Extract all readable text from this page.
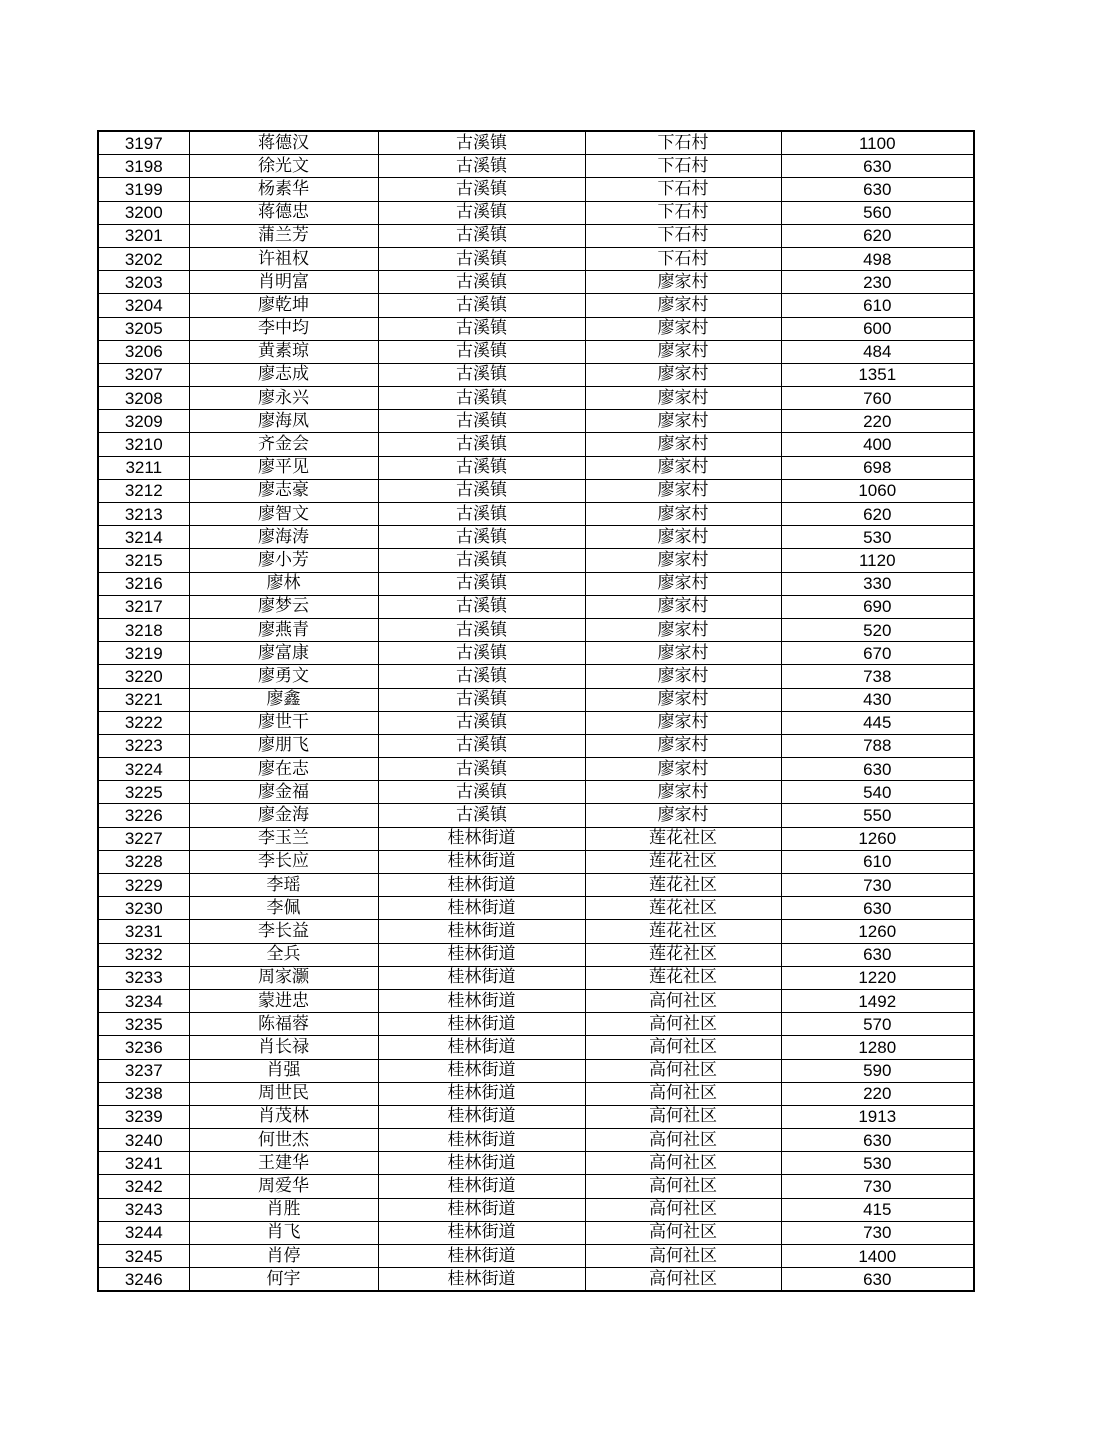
3197	蒋德汉	古溪镇	下石村	1100
3198	徐光文	古溪镇	下石村	630
3199	杨素华	古溪镇	下石村	630
3200	蒋德忠	古溪镇	下石村	560
3201	蒲兰芳	古溪镇	下石村	620
3202	许祖权	古溪镇	下石村	498
3203	肖明富	古溪镇	廖家村	230
3204	廖乾坤	古溪镇	廖家村	610
3205	李中均	古溪镇	廖家村	600
3206	黄素琼	古溪镇	廖家村	484
3207	廖志成	古溪镇	廖家村	1351
3208	廖永兴	古溪镇	廖家村	760
3209	廖海凤	古溪镇	廖家村	220
3210	齐金会	古溪镇	廖家村	400
3211	廖平见	古溪镇	廖家村	698
3212	廖志豪	古溪镇	廖家村	1060
3213	廖智文	古溪镇	廖家村	620
3214	廖海涛	古溪镇	廖家村	530
3215	廖小芳	古溪镇	廖家村	1120
3216	廖林	古溪镇	廖家村	330
3217	廖梦云	古溪镇	廖家村	690
3218	廖燕青	古溪镇	廖家村	520
3219	廖富康	古溪镇	廖家村	670
3220	廖勇文	古溪镇	廖家村	738
3221	廖鑫	古溪镇	廖家村	430
3222	廖世干	古溪镇	廖家村	445
3223	廖朋飞	古溪镇	廖家村	788
3224	廖在志	古溪镇	廖家村	630
3225	廖金福	古溪镇	廖家村	540
3226	廖金海	古溪镇	廖家村	550
3227	李玉兰	桂林街道	莲花社区	1260
3228	李长应	桂林街道	莲花社区	610
3229	李瑶	桂林街道	莲花社区	730
3230	李佩	桂林街道	莲花社区	630
3231	李长益	桂林街道	莲花社区	1260
3232	全兵	桂林街道	莲花社区	630
3233	周家灏	桂林街道	莲花社区	1220
3234	蒙进忠	桂林街道	高何社区	1492
3235	陈福蓉	桂林街道	高何社区	570
3236	肖长禄	桂林街道	高何社区	1280
3237	肖强	桂林街道	高何社区	590
3238	周世民	桂林街道	高何社区	220
3239	肖茂林	桂林街道	高何社区	1913
3240	何世杰	桂林街道	高何社区	630
3241	王建华	桂林街道	高何社区	530
3242	周爱华	桂林街道	高何社区	730
3243	肖胜	桂林街道	高何社区	415
3244	肖飞	桂林街道	高何社区	730
3245	肖停	桂林街道	高何社区	1400
3246	何宇	桂林街道	高何社区	630
